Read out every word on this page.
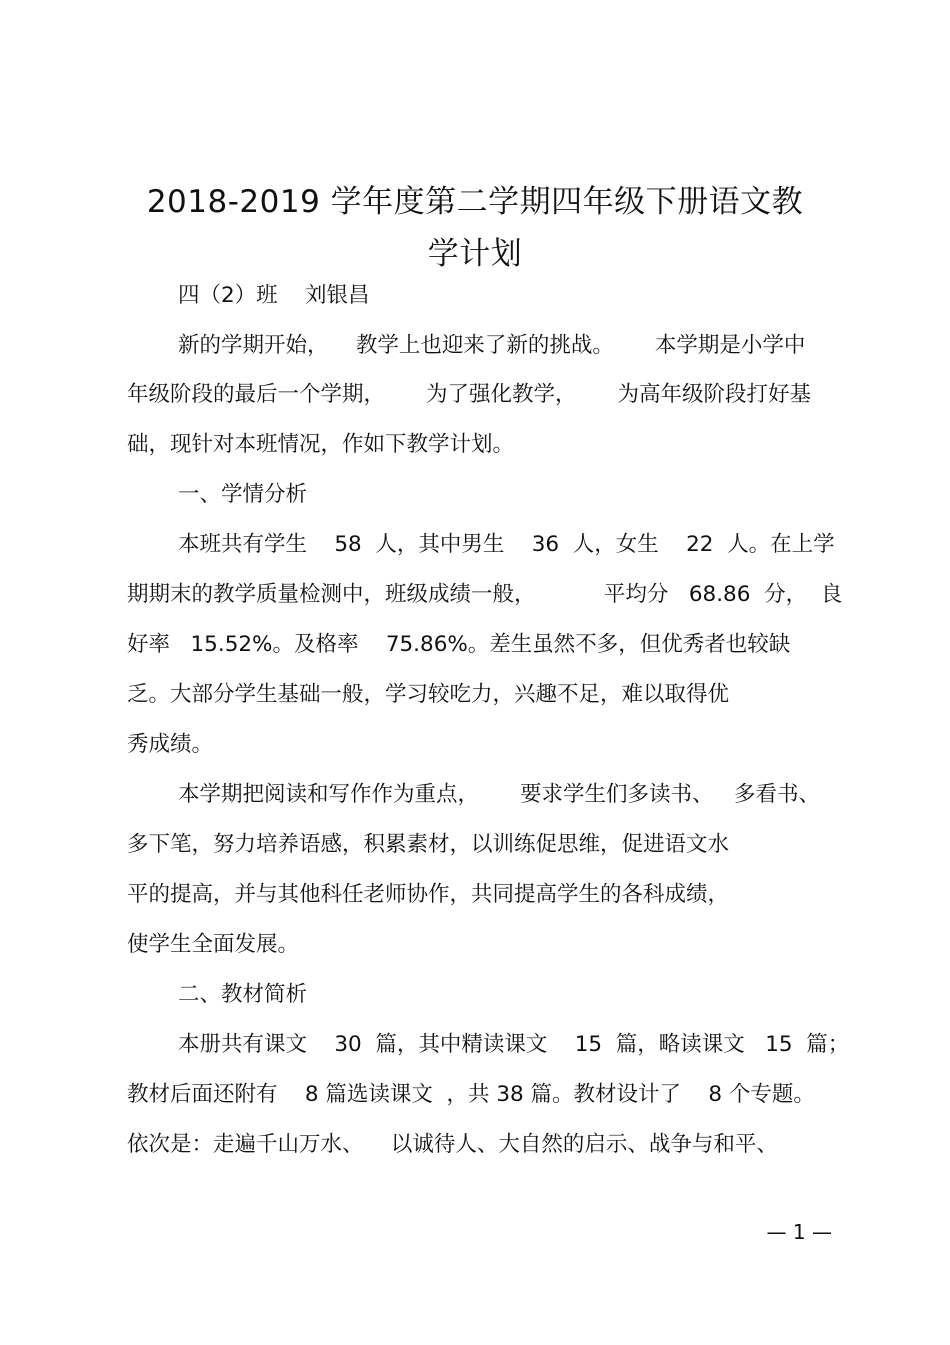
2018-2019 学年度第二学期四年级下册语文教
学计划
四（2）班    刘银昌
新的学期开始，    教学上也迎来了新的挑战。      本学期是小学中
年级阶段的最后一个学期，      为了强化教学，      为高年级阶段打好基
础，现针对本班情况，作如下教学计划。
一、学情分析
本班共有学生    58  人，其中男生    36  人，女生    22  人。在上学
期期末的教学质量检测中，班级成绩一般，          平均分   68.86  分，  良
好率   15.52%。及格率    75.86%。差生虽然不多，但优秀者也较缺
乏。大部分学生基础一般，学习较吃力，兴趣不足，难以取得优
秀成绩。
本学期把阅读和写作作为重点，      要求学生们多读书、   多看书、
多下笔，努力培养语感，积累素材，以训练促思维，促进语文水
平的提高，并与其他科任老师协作，共同提高学生的各科成绩，
使学生全面发展。
二、教材简析
本册共有课文    30  篇，其中精读课文    15  篇，略读课文   15  篇；
教材后面还附有    8 篇选读课文  ，共 38 篇。教材设计了    8 个专题。
依次是：走遍千山万水、    以诚待人、大自然的启示、战争与和平、
— 1 —
